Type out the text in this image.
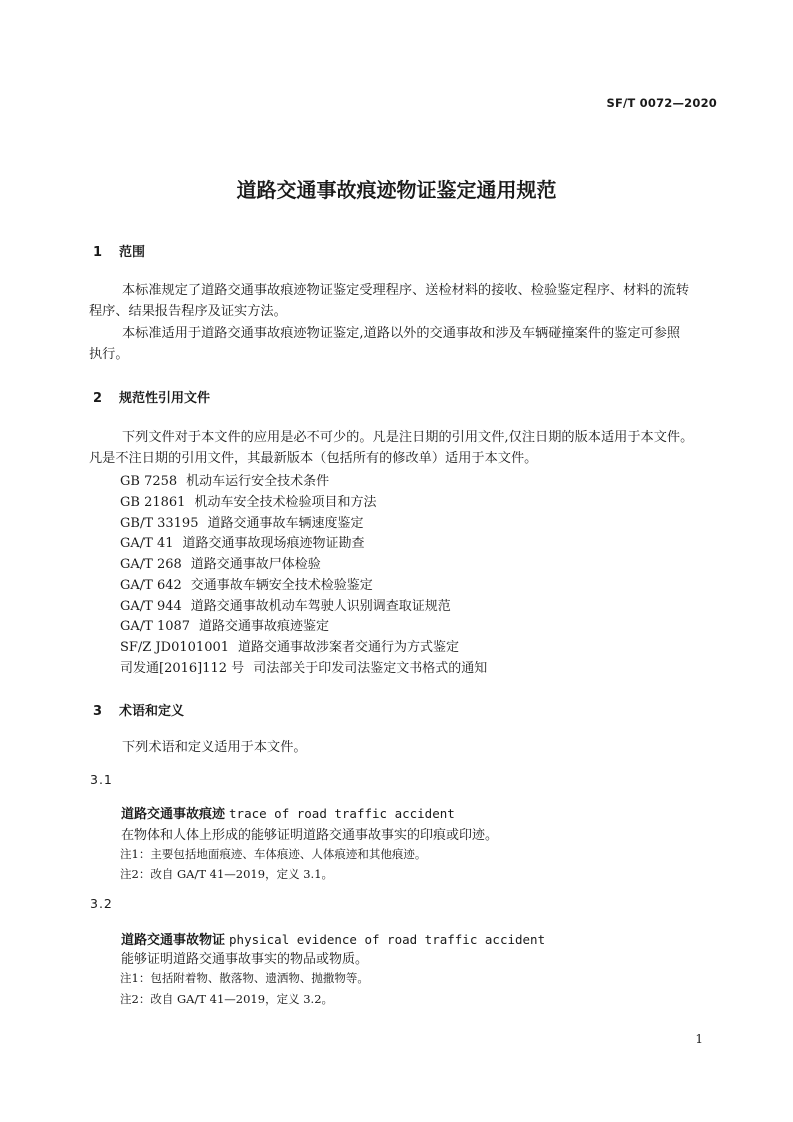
SF/T 0072—2020
道路交通事故痕迹物证鉴定通用规范
1 范围
本标准规定了道路交通事故痕迹物证鉴定受理程序、送检材料的接收、检验鉴定程序、材料的流转
程序、结果报告程序及证实方法。
本标准适用于道路交通事故痕迹物证鉴定,道路以外的交通事故和涉及车辆碰撞案件的鉴定可参照
执行。
2 规范性引用文件
下列文件对于本文件的应用是必不可少的。凡是注日期的引用文件,仅注日期的版本适用于本文件。
凡是不注日期的引用文件，其最新版本（包括所有的修改单）适用于本文件。
GB 7258 机动车运行安全技术条件
GB 21861 机动车安全技术检验项目和方法
GB/T 33195 道路交通事故车辆速度鉴定
GA/T 41 道路交通事故现场痕迹物证勘查
GA/T 268 道路交通事故尸体检验
GA/T 642 交通事故车辆安全技术检验鉴定
GA/T 944 道路交通事故机动车驾驶人识别调查取证规范
GA/T 1087 道路交通事故痕迹鉴定
SF/Z JD0101001 道路交通事故涉案者交通行为方式鉴定
司发通[2016]112 号 司法部关于印发司法鉴定文书格式的通知
3 术语和定义
下列术语和定义适用于本文件。
3.1
道路交通事故痕迹 trace of road traffic accident
在物体和人体上形成的能够证明道路交通事故事实的印痕或印迹。
注1：主要包括地面痕迹、车体痕迹、人体痕迹和其他痕迹。
注2：改自 GA/T 41—2019，定义 3.1。
3.2
道路交通事故物证 physical evidence of road traffic accident
能够证明道路交通事故事实的物品或物质。
注1：包括附着物、散落物、遗洒物、抛撒物等。
注2：改自 GA/T 41—2019，定义 3.2。
1
